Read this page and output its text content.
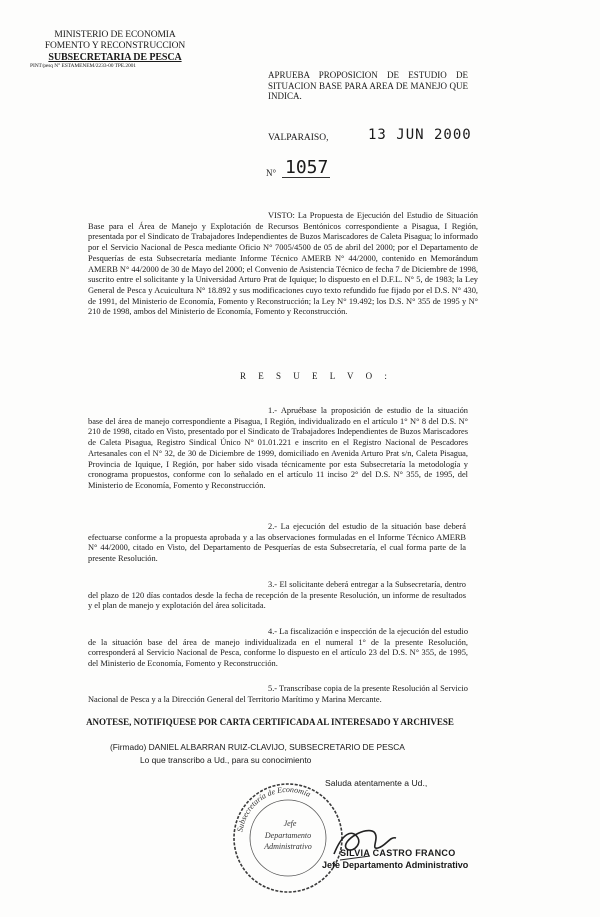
MINISTERIO DE ECONOMIA
FOMENTO Y RECONSTRUCCION
SUBSECRETARIA DE PESCA
PINT/pesq N° ESTAMENEM/2233-00 TPE.2001
APRUEBA PROPOSICION DE ESTUDIO DE SITUACION BASE PARA AREA DE MANEJO QUE INDICA.
VALPARAISO,	13 JUN 2000
N° 1057
VISTO: La Propuesta de Ejecución del Estudio de Situación Base para el Área de Manejo y Explotación de Recursos Bentónicos correspondiente a Pisagua, I Región, presentada por el Sindicato de Trabajadores Independientes de Buzos Mariscadores de Caleta Pisagua; lo informado por el Servicio Nacional de Pesca mediante Oficio N° 7005/4500 de 05 de abril del 2000; por el Departamento de Pesquerías de esta Subsecretaría mediante Informe Técnico AMERB N° 44/2000, contenido en Memorándum AMERB N° 44/2000 de 30 de Mayo del 2000; el Convenio de Asistencia Técnico de fecha 7 de Diciembre de 1998, suscrito entre el solicitante y la Universidad Arturo Prat de Iquique; lo dispuesto en el D.F.L. N° 5, de 1983; la Ley General de Pesca y Acuicultura N° 18.892 y sus modificaciones cuyo texto refundido fue fijado por el D.S. N° 430, de 1991, del Ministerio de Economía, Fomento y Reconstrucción; la Ley N° 19.492; los D.S. N° 355 de 1995 y N° 210 de 1998, ambos del Ministerio de Economía, Fomento y Reconstrucción.
R E S U E L V O :
1.- Apruébase la proposición de estudio de la situación base del área de manejo correspondiente a Pisagua, I Región, individualizado en el artículo 1° N° 8 del D.S. N° 210 de 1998, citado en Visto, presentado por el Sindicato de Trabajadores Independientes de Buzos Mariscadores de Caleta Pisagua, Registro Sindical Único N° 01.01.221 e inscrito en el Registro Nacional de Pescadores Artesanales con el N° 32, de 30 de Diciembre de 1999, domiciliado en Avenida Arturo Prat s/n, Caleta Pisagua, Provincia de Iquique, I Región, por haber sido visada técnicamente por esta Subsecretaría la metodología y cronograma propuestos, conforme con lo señalado en el artículo 11 inciso 2° del D.S. N° 355, de 1995, del Ministerio de Economía, Fomento y Reconstrucción.
2.- La ejecución del estudio de la situación base deberá efectuarse conforme a la propuesta aprobada y a las observaciones formuladas en el Informe Técnico AMERB N° 44/2000, citado en Visto, del Departamento de Pesquerías de esta Subsecretaría, el cual forma parte de la presente Resolución.
3.- El solicitante deberá entregar a la Subsecretaría, dentro del plazo de 120 días contados desde la fecha de recepción de la presente Resolución, un informe de resultados y el plan de manejo y explotación del área solicitada.
4.- La fiscalización e inspección de la ejecución del estudio de la situación base del área de manejo individualizada en el numeral 1° de la presente Resolución, corresponderá al Servicio Nacional de Pesca, conforme lo dispuesto en el artículo 23 del D.S. N° 355, de 1995, del Ministerio de Economía, Fomento y Reconstrucción.
5.- Transcríbase copia de la presente Resolución al Servicio Nacional de Pesca y a la Dirección General del Territorio Marítimo y Marina Mercante.
ANOTESE, NOTIFIQUESE POR CARTA CERTIFICADA AL INTERESADO Y ARCHIVESE
(Firmado) DANIEL ALBARRAN RUIZ-CLAVIJO, SUBSECRETARIO DE PESCA
Lo que transcribo a Ud., para su conocimiento
Saluda atentamente a Ud.,
Subsecretaría de Economía
Jefe
Departamento
Administrativo
SILVIA CASTRO FRANCO
Jefe Departamento Administrativo
